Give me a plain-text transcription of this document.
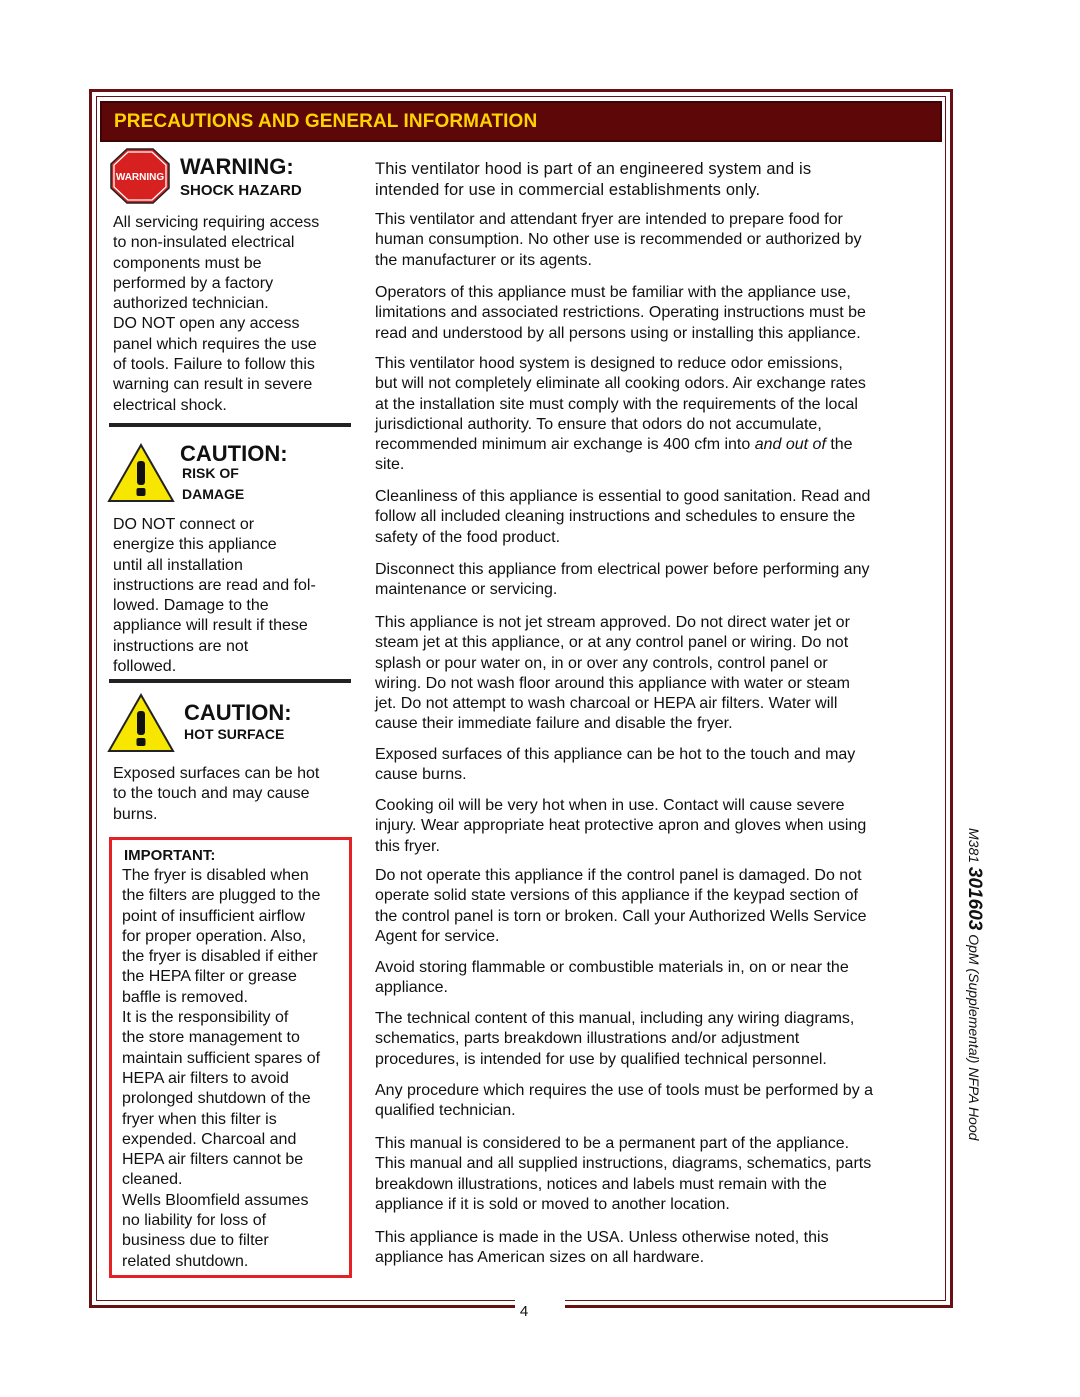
PRECAUTIONS AND GENERAL INFORMATION
WARNING WARNING:
SHOCK HAZARD
All servicing requiring access
to non-insulated electrical
components must be
performed by a factory
authorized technician.
DO NOT open any access
panel which requires the use
of tools. Failure to follow this
warning can result in severe
electrical shock.
CAUTION:
RISK OF
DAMAGE
DO NOT connect or
energize this appliance
until all installation
instructions are read and fol-
lowed. Damage to the
appliance will result if these
instructions are not
followed.
CAUTION:
HOT SURFACE
Exposed surfaces can be hot
to the touch and may cause
burns.
IMPORTANT:
The fryer is disabled when
the filters are plugged to the
point of insufficient airflow
for proper operation. Also,
the fryer is disabled if either
the HEPA filter or grease
baffle is removed.
It is the responsibility of
the store management to
maintain sufficient spares of
HEPA air filters to avoid
prolonged shutdown of the
fryer when this filter is
expended. Charcoal and
HEPA air filters cannot be
cleaned.
Wells Bloomfield assumes
no liability for loss of
business due to filter
related shutdown.
This ventilator hood is part of an engineered system and is
intended for use in commercial establishments only.
This ventilator and attendant fryer are intended to prepare food for
human consumption. No other use is recommended or authorized by
the manufacturer or its agents.
Operators of this appliance must be familiar with the appliance use,
limitations and associated restrictions. Operating instructions must be
read and understood by all persons using or installing this appliance.
This ventilator hood system is designed to reduce odor emissions,
but will not completely eliminate all cooking odors. Air exchange rates
at the installation site must comply with the requirements of the local
jurisdictional authority. To ensure that odors do not accumulate,
recommended minimum air exchange is 400 cfm into and out of the
site.
Cleanliness of this appliance is essential to good sanitation. Read and
follow all included cleaning instructions and schedules to ensure the
safety of the food product.
Disconnect this appliance from electrical power before performing any
maintenance or servicing.
This appliance is not jet stream approved. Do not direct water jet or
steam jet at this appliance, or at any control panel or wiring. Do not
splash or pour water on, in or over any controls, control panel or
wiring. Do not wash floor around this appliance with water or steam
jet. Do not attempt to wash charcoal or HEPA air filters. Water will
cause their immediate failure and disable the fryer.
Exposed surfaces of this appliance can be hot to the touch and may
cause burns.
Cooking oil will be very hot when in use. Contact will cause severe
injury. Wear appropriate heat protective apron and gloves when using
this fryer.
Do not operate this appliance if the control panel is damaged. Do not
operate solid state versions of this appliance if the keypad section of
the control panel is torn or broken. Call your Authorized Wells Service
Agent for service.
Avoid storing flammable or combustible materials in, on or near the
appliance.
The technical content of this manual, including any wiring diagrams,
schematics, parts breakdown illustrations and/or adjustment
procedures, is intended for use by qualified technical personnel.
Any procedure which requires the use of tools must be performed by a
qualified technician.
This manual is considered to be a permanent part of the appliance.
This manual and all supplied instructions, diagrams, schematics, parts
breakdown illustrations, notices and labels must remain with the
appliance if it is sold or moved to another location.
This appliance is made in the USA. Unless otherwise noted, this
appliance has American sizes on all hardware.
M381 301603 OpM (Supplemental) NFPA Hood
4
